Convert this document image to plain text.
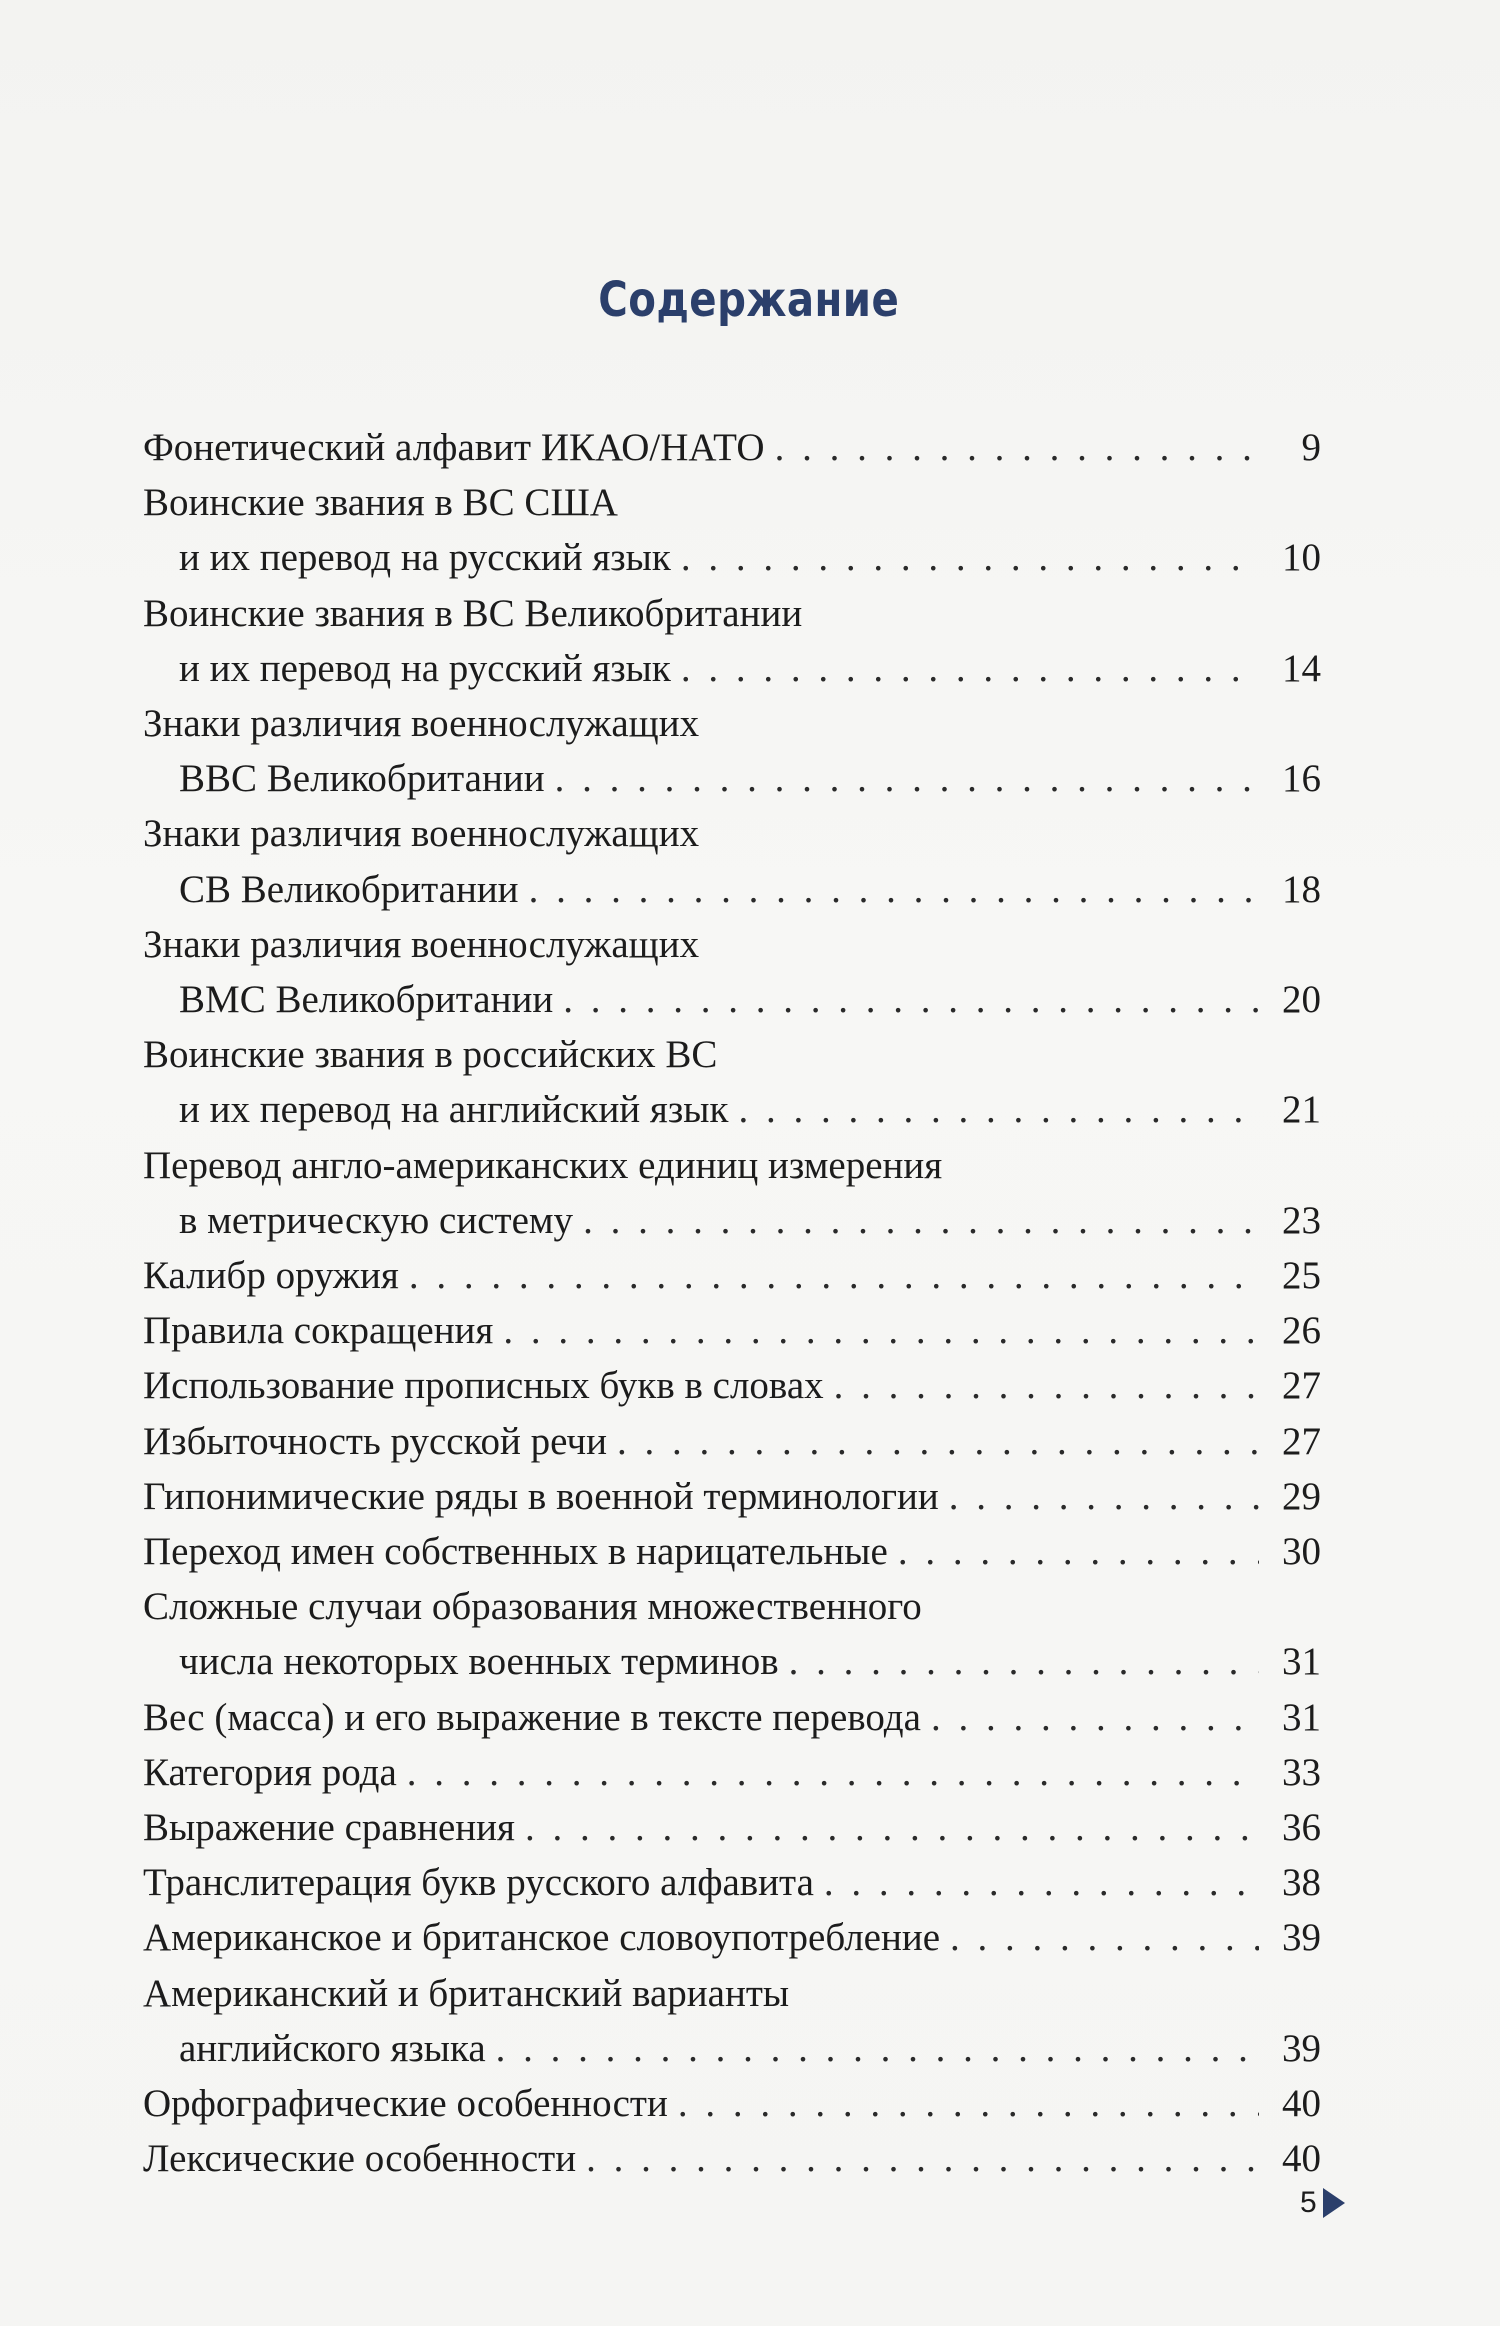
Содержание
Фонетический алфавит ИКАО/НАТО . . .	9
Воинские звания в ВС США
и их перевод на русский язык . . .	10
Воинские звания в ВС Великобритании
и их перевод на русский язык . . .	14
Знаки различия военнослужащих
ВВС Великобритании . . .	16
Знаки различия военнослужащих
СВ Великобритании . . .	18
Знаки различия военнослужащих
ВМС Великобритании . . .	20
Воинские звания в российских ВС
и их перевод на английский язык . . .	21
Перевод англо-американских единиц измерения
в метрическую систему . . .	23
Калибр оружия . . .	25
Правила сокращения . . .	26
Использование прописных букв в словах . . .	27
Избыточность русской речи . . .	27
Гипонимические ряды в военной терминологии . . .	29
Переход имен собственных в нарицательные . . .	30
Сложные случаи образования множественного
числа некоторых военных терминов . . .	31
Вес (масса) и его выражение в тексте перевода . . .	31
Категория рода . . .	33
Выражение сравнения . . .	36
Транслитерация букв русского алфавита . . .	38
Американское и британское словоупотребление . . .	39
Американский и британский варианты
английского языка . . .	39
Орфографические особенности . . .	40
Лексические особенности . . .	40
5
